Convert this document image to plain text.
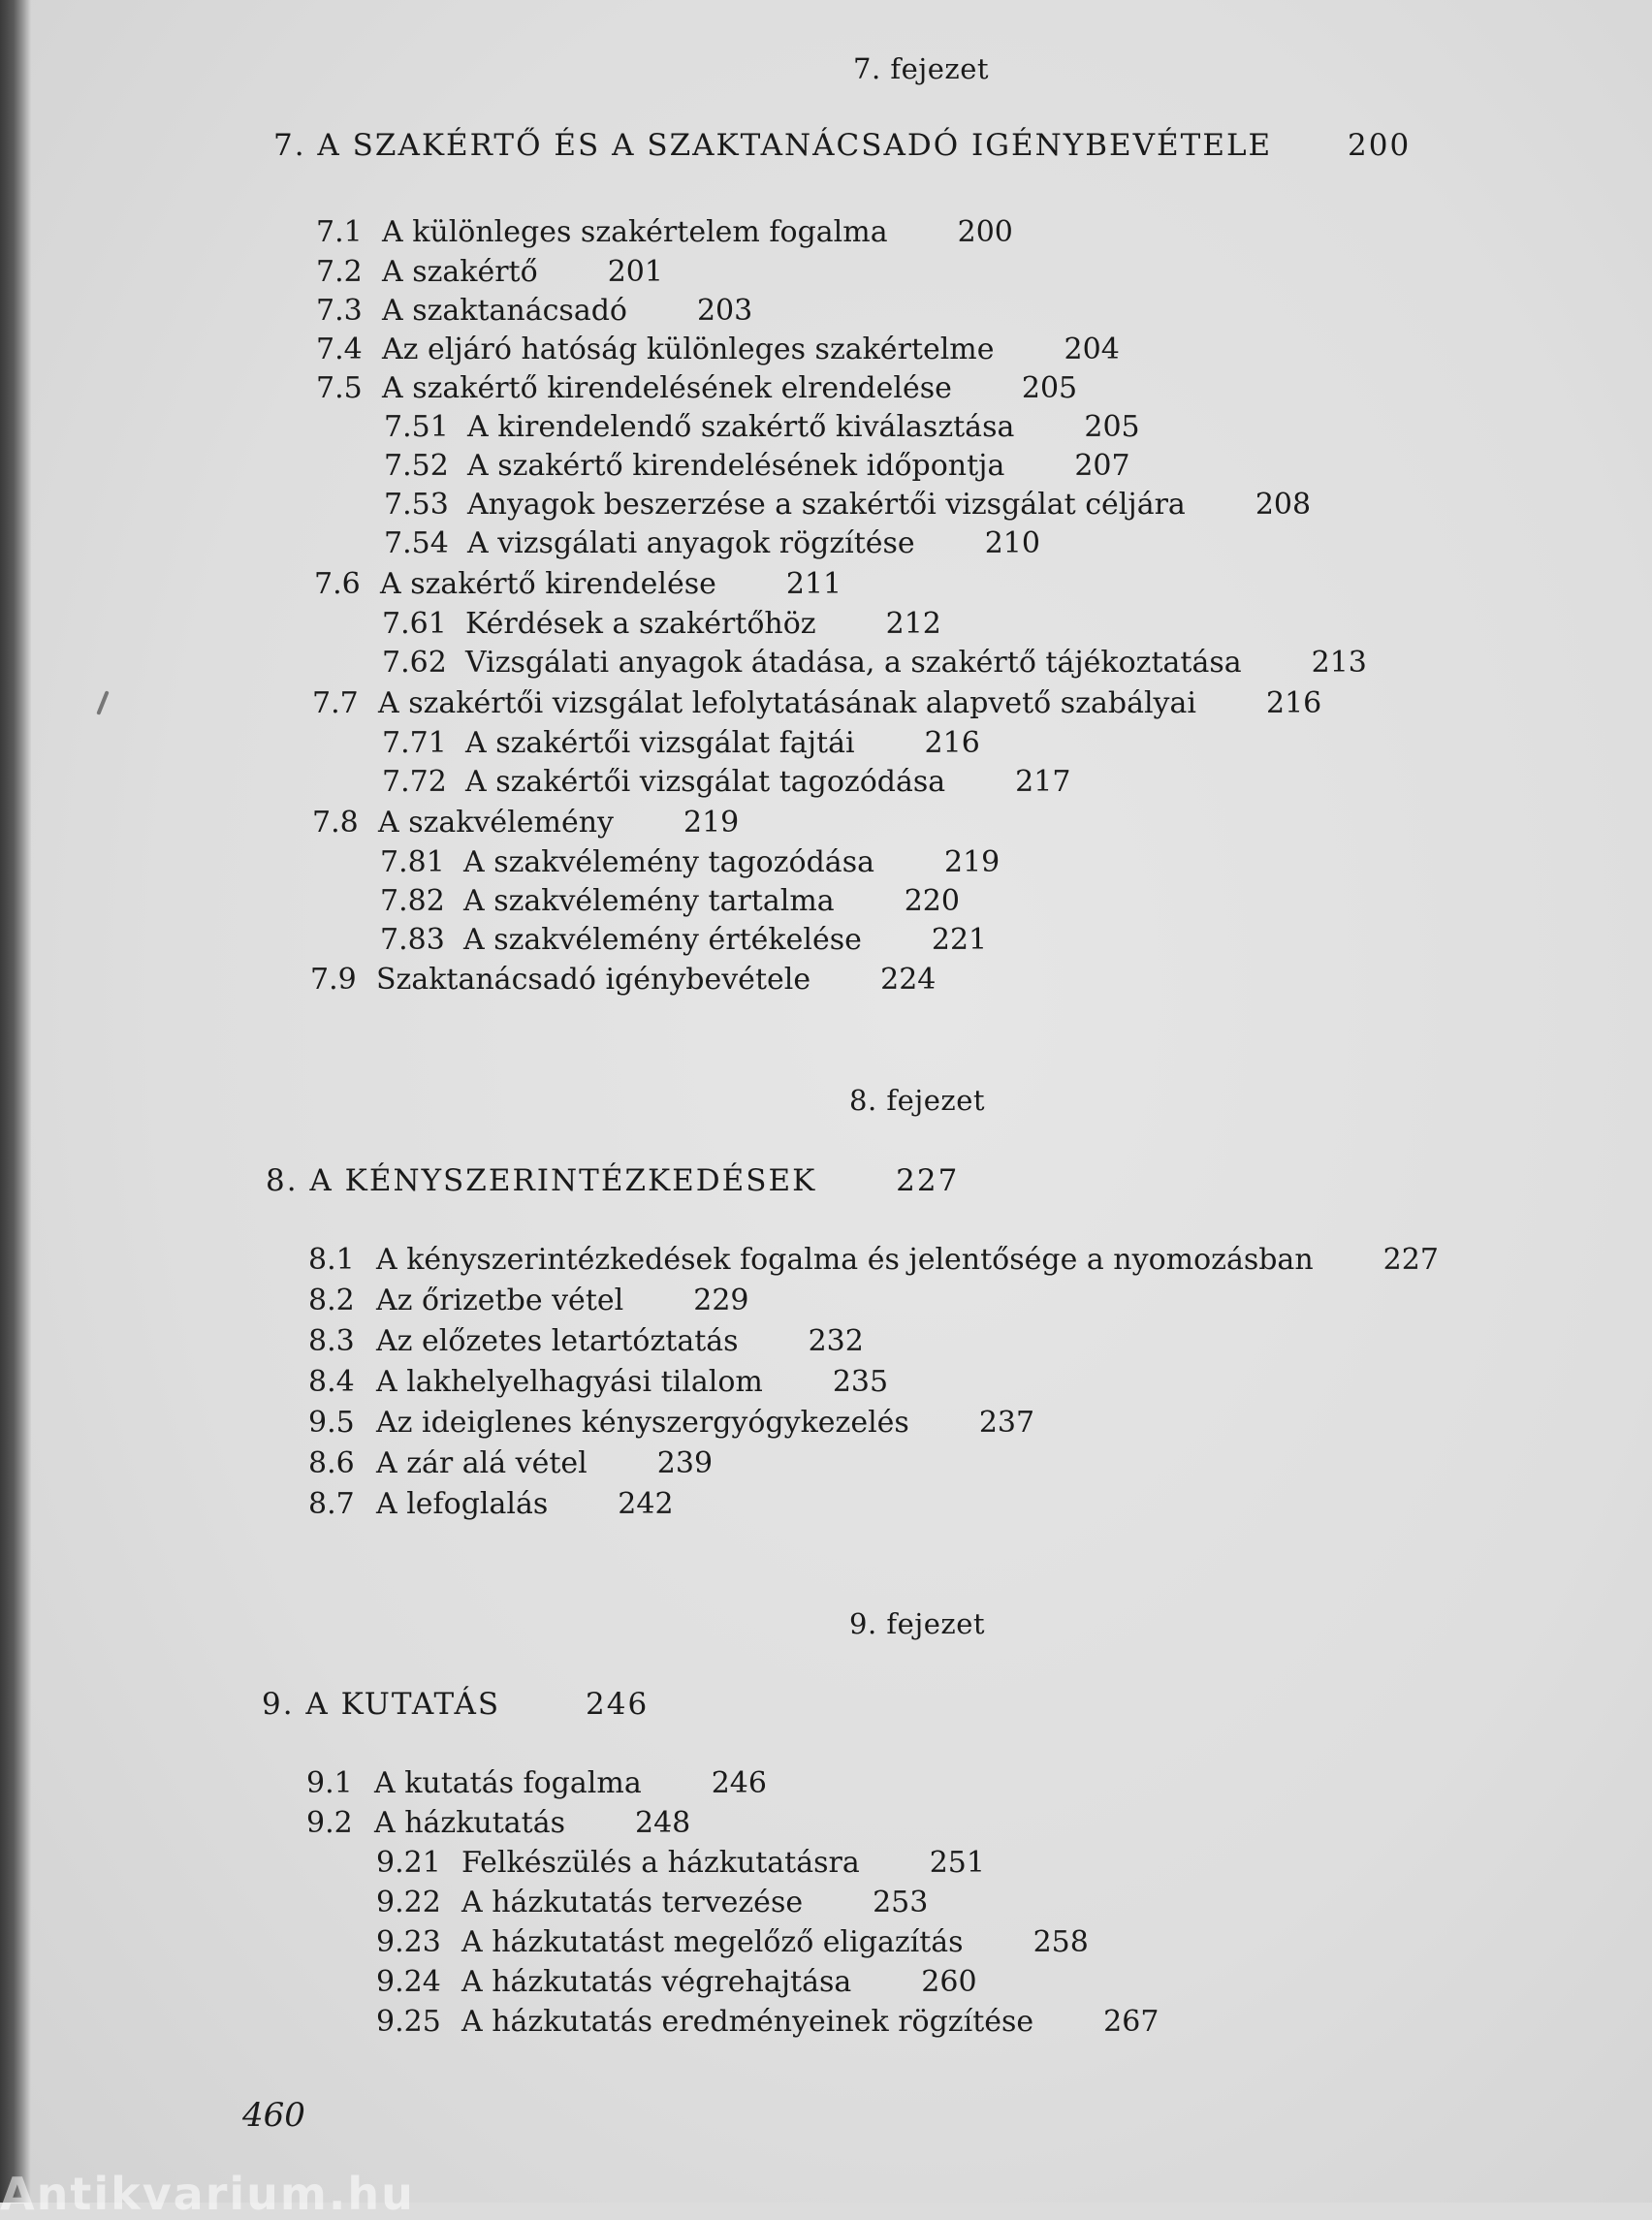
7. fejezet
7. A SZAKÉRTŐ ÉS A SZAKTANÁCSADÓ IGÉNYBEVÉTELE	200
7.1 A különleges szakértelem fogalma 200
7.2 A szakértő 201
7.3 A szaktanácsadó 203
7.4 Az eljáró hatóság különleges szakértelme 204
7.5 A szakértő kirendelésének elrendelése 205
7.51 A kirendelendő szakértő kiválasztása 205
7.52 A szakértő kirendelésének időpontja 207
7.53 Anyagok beszerzése a szakértői vizsgálat céljára 208
7.54 A vizsgálati anyagok rögzítése 210
7.6 A szakértő kirendelése 211
7.61 Kérdések a szakértőhöz 212
7.62 Vizsgálati anyagok átadása, a szakértő tájékoztatása 213
7.7 A szakértői vizsgálat lefolytatásának alapvető szabályai 216
7.71 A szakértői vizsgálat fajtái 216
7.72 A szakértői vizsgálat tagozódása 217
7.8 A szakvélemény 219
7.81 A szakvélemény tagozódása 219
7.82 A szakvélemény tartalma 220
7.83 A szakvélemény értékelése 221
7.9 Szaktanácsadó igénybevétele 224
8. fejezet
8. A KÉNYSZERINTÉZKEDÉSEK	227
8.1 A kényszerintézkedések fogalma és jelentősége a nyomozásban 227
8.2 Az őrizetbe vétel 229
8.3 Az előzetes letartóztatás 232
8.4 A lakhelyelhagyási tilalom 235
9.5 Az ideiglenes kényszergyógykezelés 237
8.6 A zár alá vétel 239
8.7 A lefoglalás 242
9. fejezet
9. A KUTATÁS	246
9.1 A kutatás fogalma 246
9.2 A házkutatás 248
9.21 Felkészülés a házkutatásra 251
9.22 A házkutatás tervezése 253
9.23 A házkutatást megelőző eligazítás 258
9.24 A házkutatás végrehajtása 260
9.25 A házkutatás eredményeinek rögzítése 267
460
Antikvarium.hu
